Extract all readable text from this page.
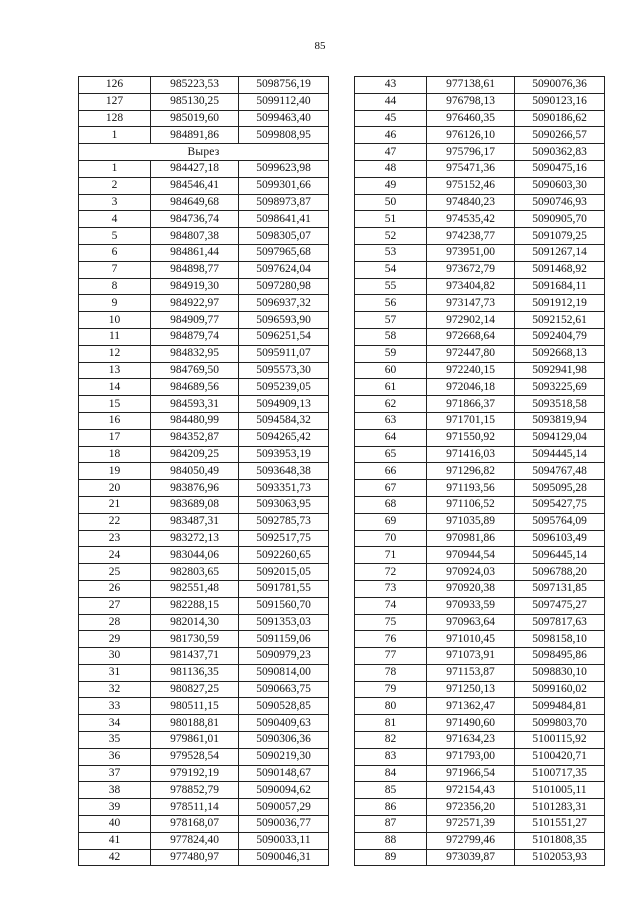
85
126	985223,53	5098756,19
127	985130,25	5099112,40
128	985019,60	5099463,40
1	984891,86	5099808,95
Вырез		
1	984427,18	5099623,98
2	984546,41	5099301,66
3	984649,68	5098973,87
4	984736,74	5098641,41
5	984807,38	5098305,07
6	984861,44	5097965,68
7	984898,77	5097624,04
8	984919,30	5097280,98
9	984922,97	5096937,32
10	984909,77	5096593,90
11	984879,74	5096251,54
12	984832,95	5095911,07
13	984769,50	5095573,30
14	984689,56	5095239,05
15	984593,31	5094909,13
16	984480,99	5094584,32
17	984352,87	5094265,42
18	984209,25	5093953,19
19	984050,49	5093648,38
20	983876,96	5093351,73
21	983689,08	5093063,95
22	983487,31	5092785,73
23	983272,13	5092517,75
24	983044,06	5092260,65
25	982803,65	5092015,05
26	982551,48	5091781,55
27	982288,15	5091560,70
28	982014,30	5091353,03
29	981730,59	5091159,06
30	981437,71	5090979,23
31	981136,35	5090814,00
32	980827,25	5090663,75
33	980511,15	5090528,85
34	980188,81	5090409,63
35	979861,01	5090306,36
36	979528,54	5090219,30
37	979192,19	5090148,67
38	978852,79	5090094,62
39	978511,14	5090057,29
40	978168,07	5090036,77
41	977824,40	5090033,11
42	977480,97	5090046,31
43	977138,61	5090076,36
44	976798,13	5090123,16
45	976460,35	5090186,62
46	976126,10	5090266,57
47	975796,17	5090362,83
48	975471,36	5090475,16
49	975152,46	5090603,30
50	974840,23	5090746,93
51	974535,42	5090905,70
52	974238,77	5091079,25
53	973951,00	5091267,14
54	973672,79	5091468,92
55	973404,82	5091684,11
56	973147,73	5091912,19
57	972902,14	5092152,61
58	972668,64	5092404,79
59	972447,80	5092668,13
60	972240,15	5092941,98
61	972046,18	5093225,69
62	971866,37	5093518,58
63	971701,15	5093819,94
64	971550,92	5094129,04
65	971416,03	5094445,14
66	971296,82	5094767,48
67	971193,56	5095095,28
68	971106,52	5095427,75
69	971035,89	5095764,09
70	970981,86	5096103,49
71	970944,54	5096445,14
72	970924,03	5096788,20
73	970920,38	5097131,85
74	970933,59	5097475,27
75	970963,64	5097817,63
76	971010,45	5098158,10
77	971073,91	5098495,86
78	971153,87	5098830,10
79	971250,13	5099160,02
80	971362,47	5099484,81
81	971490,60	5099803,70
82	971634,23	5100115,92
83	971793,00	5100420,71
84	971966,54	5100717,35
85	972154,43	5101005,11
86	972356,20	5101283,31
87	972571,39	5101551,27
88	972799,46	5101808,35
89	973039,87	5102053,93
